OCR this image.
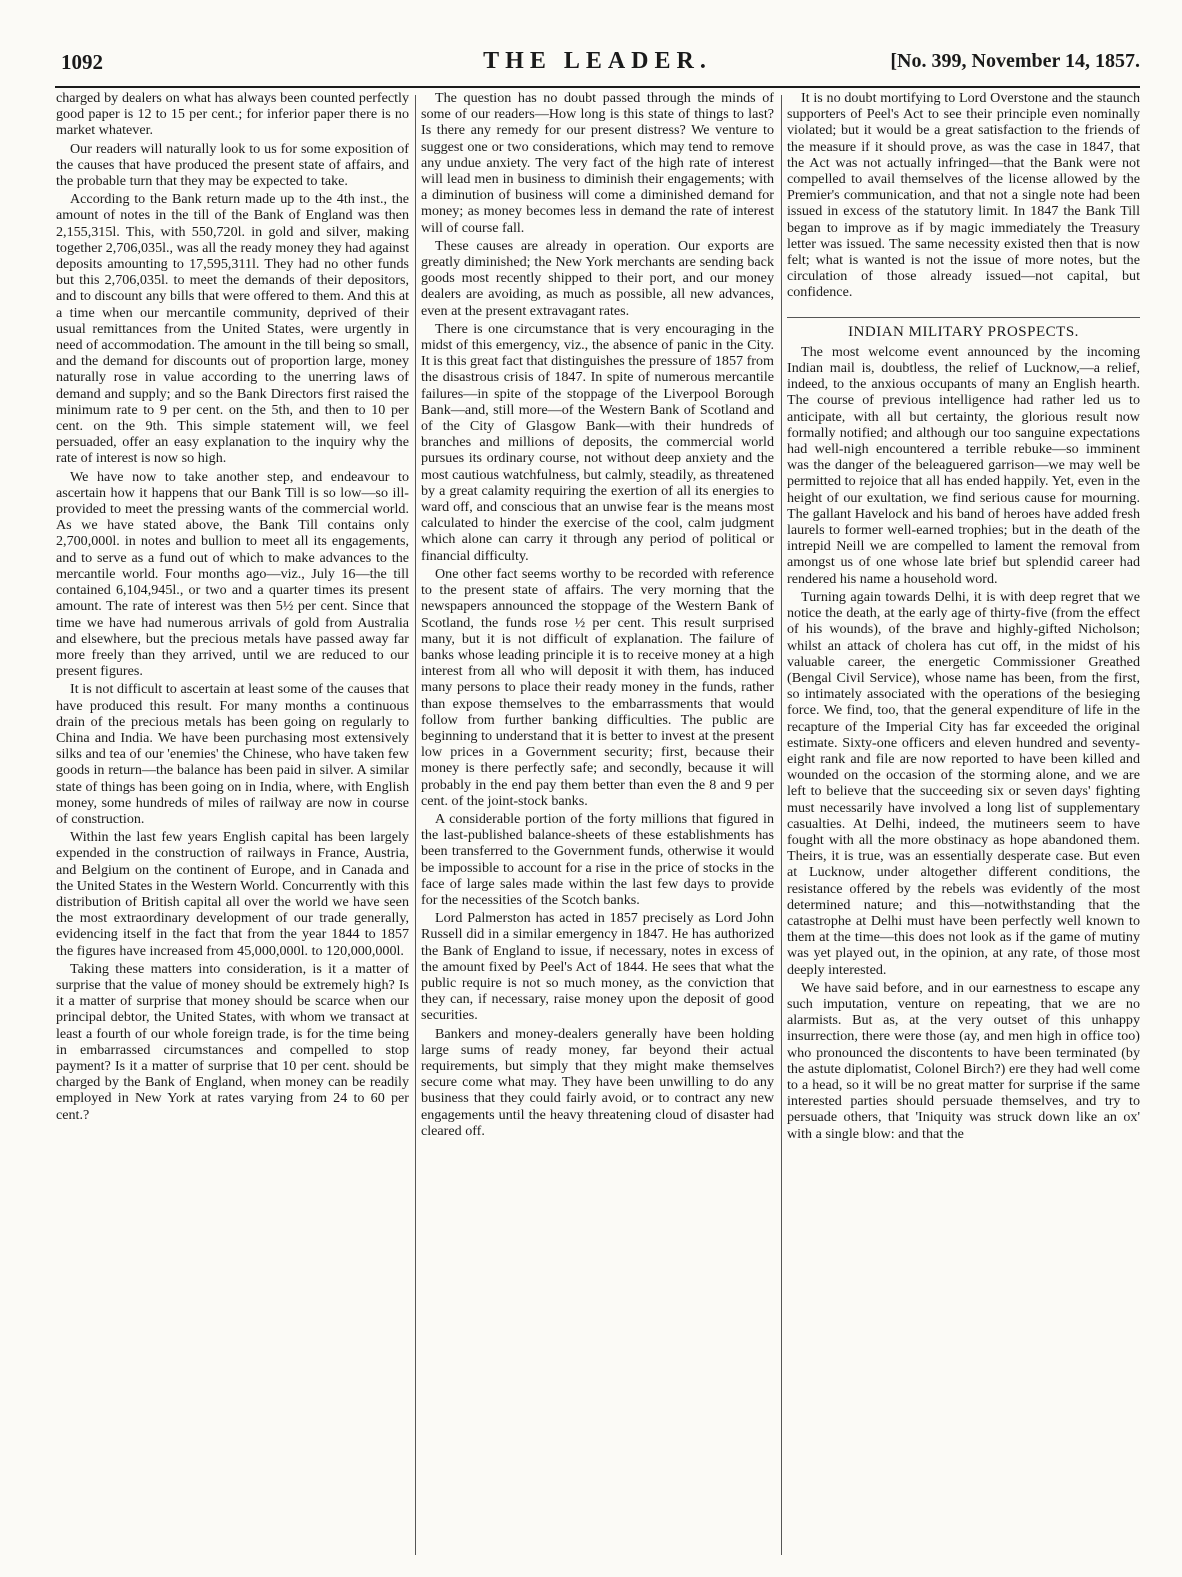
1092	THE LEADER.	[No. 399, November 14, 1857.

charged by dealers on what has always been counted perfectly good paper is 12 to 15 per cent.; for inferior paper there is no market whatever.

Our readers will naturally look to us for some exposition of the causes that have produced the present state of affairs, and the probable turn that they may be expected to take.

According to the Bank return made up to the 4th inst., the amount of notes in the till of the Bank of England was then 2,155,315l. This, with 550,720l. in gold and silver, making together 2,706,035l., was all the ready money they had against deposits amounting to 17,595,311l. They had no other funds but this 2,706,035l. to meet the demands of their depositors, and to discount any bills that were offered to them. And this at a time when our mercantile community, deprived of their usual remittances from the United States, were urgently in need of accommodation. The amount in the till being so small, and the demand for discounts out of proportion large, money naturally rose in value according to the unerring laws of demand and supply; and so the Bank Directors first raised the minimum rate to 9 per cent. on the 5th, and then to 10 per cent. on the 9th. This simple statement will, we feel persuaded, offer an easy explanation to the inquiry why the rate of interest is now so high.

We have now to take another step, and endeavour to ascertain how it happens that our Bank Till is so low—so ill-provided to meet the pressing wants of the commercial world. As we have stated above, the Bank Till contains only 2,700,000l. in notes and bullion to meet all its engagements, and to serve as a fund out of which to make advances to the mercantile world. Four months ago—viz., July 16—the till contained 6,104,945l., or two and a quarter times its present amount. The rate of interest was then 5½ per cent. Since that time we have had numerous arrivals of gold from Australia and elsewhere, but the precious metals have passed away far more freely than they arrived, until we are reduced to our present figures.

It is not difficult to ascertain at least some of the causes that have produced this result. For many months a continuous drain of the precious metals has been going on regularly to China and India. We have been purchasing most extensively silks and tea of our 'enemies' the Chinese, who have taken few goods in return—the balance has been paid in silver. A similar state of things has been going on in India, where, with English money, some hundreds of miles of railway are now in course of construction.

Within the last few years English capital has been largely expended in the construction of railways in France, Austria, and Belgium on the continent of Europe, and in Canada and the United States in the Western World. Concurrently with this distribution of British capital all over the world we have seen the most extraordinary development of our trade generally, evidencing itself in the fact that from the year 1844 to 1857 the figures have increased from 45,000,000l. to 120,000,000l.

Taking these matters into consideration, is it a matter of surprise that the value of money should be extremely high? Is it a matter of surprise that money should be scarce when our principal debtor, the United States, with whom we transact at least a fourth of our whole foreign trade, is for the time being in embarrassed circumstances and compelled to stop payment? Is it a matter of surprise that 10 per cent. should be charged by the Bank of England, when money can be readily employed in New York at rates varying from 24 to 60 per cent.?

The question has no doubt passed through the minds of some of our readers—How long is this state of things to last? Is there any remedy for our present distress? We venture to suggest one or two considerations, which may tend to remove any undue anxiety. The very fact of the high rate of interest will lead men in business to diminish their engagements; with a diminution of business will come a diminished demand for money; as money becomes less in demand the rate of interest will of course fall.

These causes are already in operation. Our exports are greatly diminished; the New York merchants are sending back goods most recently shipped to their port, and our money dealers are avoiding, as much as possible, all new advances, even at the present extravagant rates.

There is one circumstance that is very encouraging in the midst of this emergency, viz., the absence of panic in the City. It is this great fact that distinguishes the pressure of 1857 from the disastrous crisis of 1847. In spite of numerous mercantile failures—in spite of the stoppage of the Liverpool Borough Bank—and, still more—of the Western Bank of Scotland and of the City of Glasgow Bank—with their hundreds of branches and millions of deposits, the commercial world pursues its ordinary course, not without deep anxiety and the most cautious watchfulness, but calmly, steadily, as threatened by a great calamity requiring the exertion of all its energies to ward off, and conscious that an unwise fear is the means most calculated to hinder the exercise of the cool, calm judgment which alone can carry it through any period of political or financial difficulty.

One other fact seems worthy to be recorded with reference to the present state of affairs. The very morning that the newspapers announced the stoppage of the Western Bank of Scotland, the funds rose ½ per cent. This result surprised many, but it is not difficult of explanation. The failure of banks whose leading principle it is to receive money at a high interest from all who will deposit it with them, has induced many persons to place their ready money in the funds, rather than expose themselves to the embarrassments that would follow from further banking difficulties. The public are beginning to understand that it is better to invest at the present low prices in a Government security; first, because their money is there perfectly safe; and secondly, because it will probably in the end pay them better than even the 8 and 9 per cent. of the joint-stock banks.

A considerable portion of the forty millions that figured in the last-published balance-sheets of these establishments has been transferred to the Government funds, otherwise it would be impossible to account for a rise in the price of stocks in the face of large sales made within the last few days to provide for the necessities of the Scotch banks.

Lord Palmerston has acted in 1857 precisely as Lord John Russell did in a similar emergency in 1847. He has authorized the Bank of England to issue, if necessary, notes in excess of the amount fixed by Peel's Act of 1844. He sees that what the public require is not so much money, as the conviction that they can, if necessary, raise money upon the deposit of good securities.

Bankers and money-dealers generally have been holding large sums of ready money, far beyond their actual requirements, but simply that they might make themselves secure come what may. They have been unwilling to do any business that they could fairly avoid, or to contract any new engagements until the heavy threatening cloud of disaster had cleared off.

It is no doubt mortifying to Lord Overstone and the staunch supporters of Peel's Act to see their principle even nominally violated; but it would be a great satisfaction to the friends of the measure if it should prove, as was the case in 1847, that the Act was not actually infringed—that the Bank were not compelled to avail themselves of the license allowed by the Premier's communication, and that not a single note had been issued in excess of the statutory limit. In 1847 the Bank Till began to improve as if by magic immediately the Treasury letter was issued. The same necessity existed then that is now felt; what is wanted is not the issue of more notes, but the circulation of those already issued—not capital, but confidence.

INDIAN MILITARY PROSPECTS.

The most welcome event announced by the incoming Indian mail is, doubtless, the relief of Lucknow,—a relief, indeed, to the anxious occupants of many an English hearth. The course of previous intelligence had rather led us to anticipate, with all but certainty, the glorious result now formally notified; and although our too sanguine expectations had well-nigh encountered a terrible rebuke—so imminent was the danger of the beleaguered garrison—we may well be permitted to rejoice that all has ended happily. Yet, even in the height of our exultation, we find serious cause for mourning. The gallant Havelock and his band of heroes have added fresh laurels to former well-earned trophies; but in the death of the intrepid Neill we are compelled to lament the removal from amongst us of one whose late brief but splendid career had rendered his name a household word.

Turning again towards Delhi, it is with deep regret that we notice the death, at the early age of thirty-five (from the effect of his wounds), of the brave and highly-gifted Nicholson; whilst an attack of cholera has cut off, in the midst of his valuable career, the energetic Commissioner Greathed (Bengal Civil Service), whose name has been, from the first, so intimately associated with the operations of the besieging force. We find, too, that the general expenditure of life in the recapture of the Imperial City has far exceeded the original estimate. Sixty-one officers and eleven hundred and seventy-eight rank and file are now reported to have been killed and wounded on the occasion of the storming alone, and we are left to believe that the succeeding six or seven days' fighting must necessarily have involved a long list of supplementary casualties. At Delhi, indeed, the mutineers seem to have fought with all the more obstinacy as hope abandoned them. Theirs, it is true, was an essentially desperate case. But even at Lucknow, under altogether different conditions, the resistance offered by the rebels was evidently of the most determined nature; and this—notwithstanding that the catastrophe at Delhi must have been perfectly well known to them at the time—this does not look as if the game of mutiny was yet played out, in the opinion, at any rate, of those most deeply interested.

We have said before, and in our earnestness to escape any such imputation, venture on repeating, that we are no alarmists. But as, at the very outset of this unhappy insurrection, there were those (ay, and men high in office too) who pronounced the discontents to have been terminated (by the astute diplomatist, Colonel Birch?) ere they had well come to a head, so it will be no great matter for surprise if the same interested parties should persuade themselves, and try to persuade others, that 'Iniquity was struck down like an ox' with a single blow: and that the
